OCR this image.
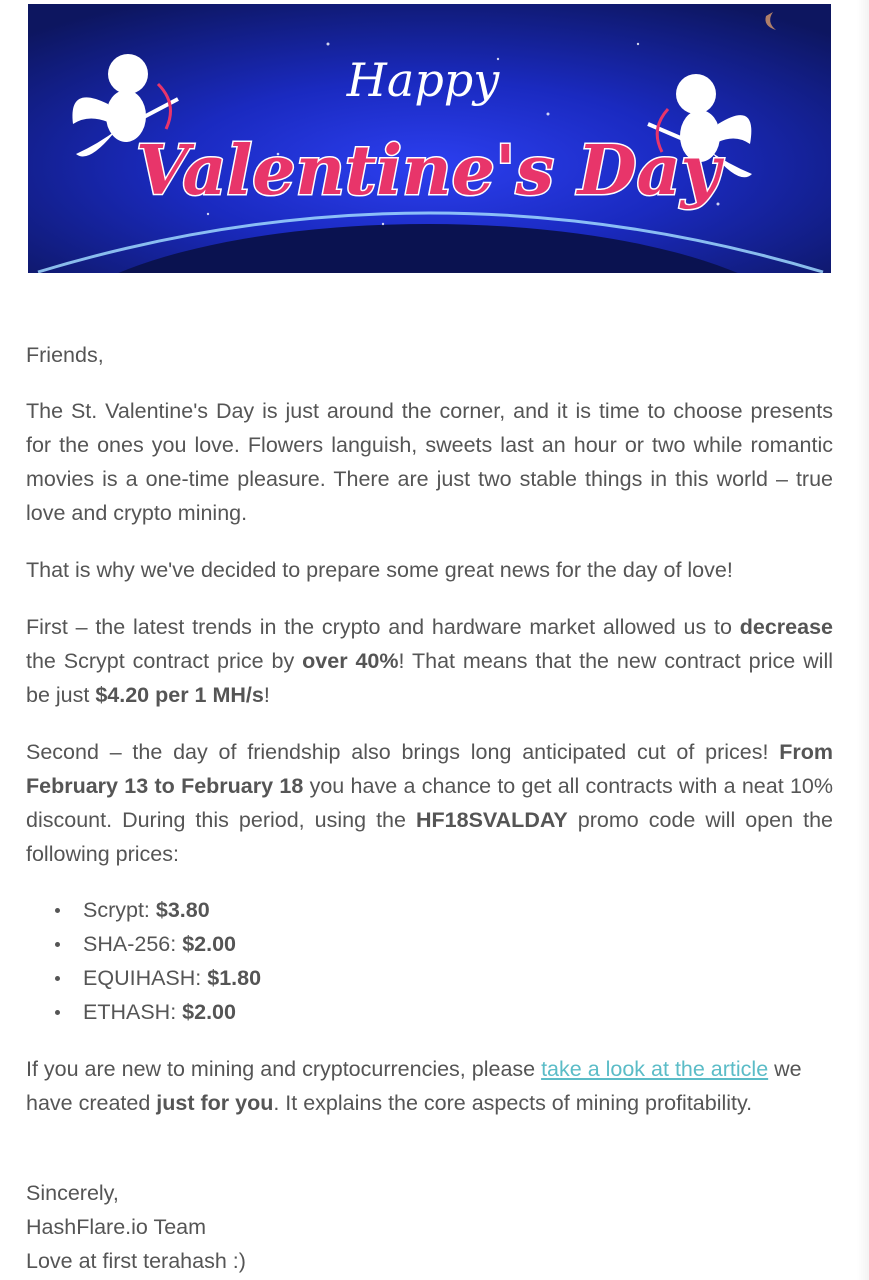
Happy
Valentine's Day

Friends,

The St. Valentine's Day is just around the corner, and it is time to choose presents for the ones you love. Flowers languish, sweets last an hour or two while romantic movies is a one-time pleasure. There are just two stable things in this world – true love and crypto mining.

That is why we've decided to prepare some great news for the day of love!

First – the latest trends in the crypto and hardware market allowed us to decrease the Scrypt contract price by over 40%! That means that the new contract price will be just $4.20 per 1 MH/s!

Second – the day of friendship also brings long anticipated cut of prices! From February 13 to February 18 you have a chance to get all contracts with a neat 10% discount. During this period, using the HF18SVALDAY promo code will open the following prices:

Scrypt: $3.80
SHA-256: $2.00
EQUIHASH: $1.80
ETHASH: $2.00

If you are new to mining and cryptocurrencies, please take a look at the article we have created just for you. It explains the core aspects of mining profitability.

Sincerely,

HashFlare.io Team

Love at first terahash :)
